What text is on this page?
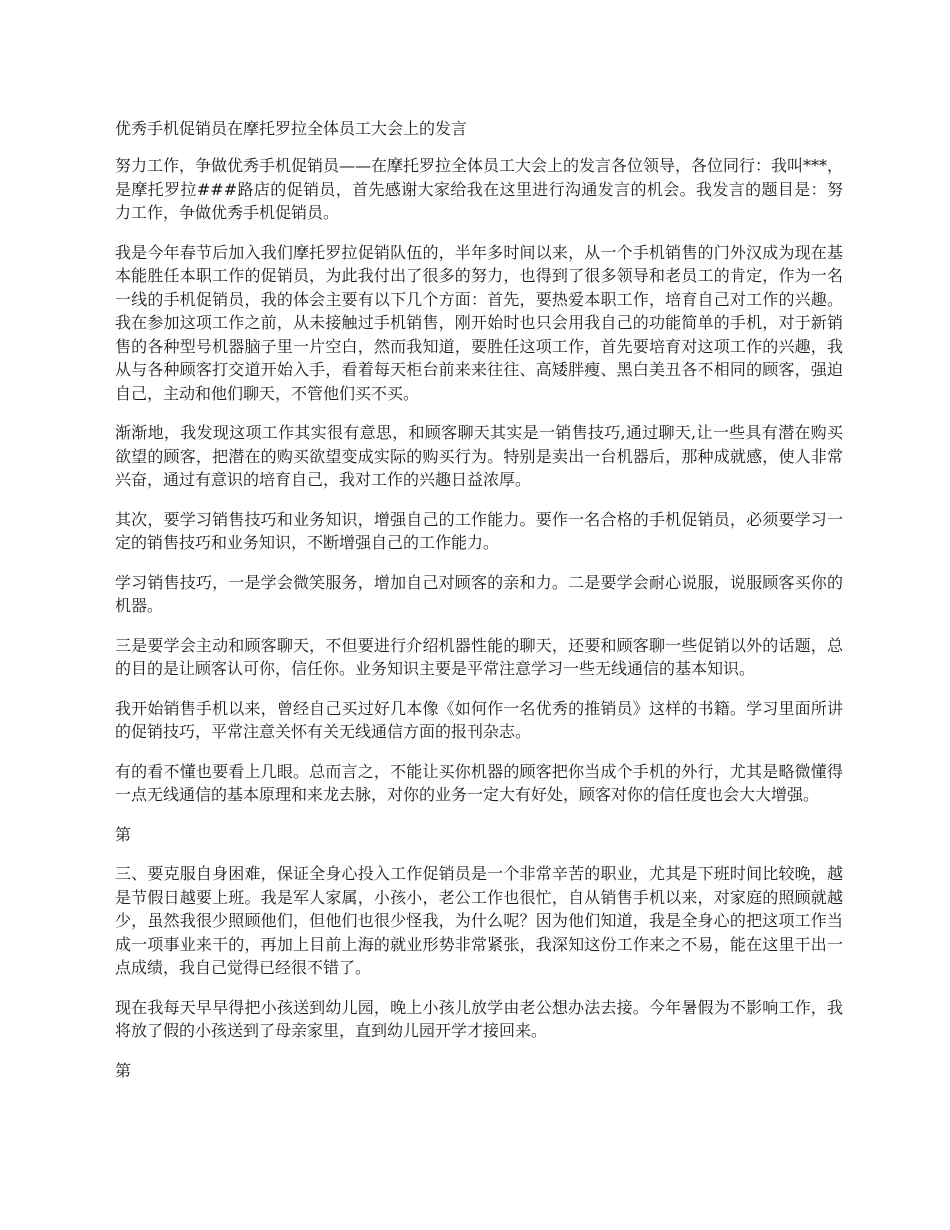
优秀手机促销员在摩托罗拉全体员工大会上的发言

努力工作，争做优秀手机促销员——在摩托罗拉全体员工大会上的发言各位领导，各位同行：我叫***，是摩托罗拉###路店的促销员，首先感谢大家给我在这里进行沟通发言的机会。我发言的题目是：努力工作，争做优秀手机促销员。

我是今年春节后加入我们摩托罗拉促销队伍的，半年多时间以来，从一个手机销售的门外汉成为现在基本能胜任本职工作的促销员，为此我付出了很多的努力，也得到了很多领导和老员工的肯定，作为一名一线的手机促销员，我的体会主要有以下几个方面：首先，要热爱本职工作，培育自己对工作的兴趣。我在参加这项工作之前，从未接触过手机销售，刚开始时也只会用我自己的功能简单的手机，对于新销售的各种型号机器脑子里一片空白，然而我知道，要胜任这项工作，首先要培育对这项工作的兴趣，我从与各种顾客打交道开始入手，看着每天柜台前来来往往、高矮胖瘦、黑白美丑各不相同的顾客，强迫自己，主动和他们聊天，不管他们买不买。

渐渐地，我发现这项工作其实很有意思，和顾客聊天其实是一销售技巧,通过聊天,让一些具有潜在购买欲望的顾客，把潜在的购买欲望变成实际的购买行为。特别是卖出一台机器后，那种成就感，使人非常兴奋，通过有意识的培育自己，我对工作的兴趣日益浓厚。

其次，要学习销售技巧和业务知识，增强自己的工作能力。要作一名合格的手机促销员，必须要学习一定的销售技巧和业务知识，不断增强自己的工作能力。

学习销售技巧，一是学会微笑服务，增加自己对顾客的亲和力。二是要学会耐心说服，说服顾客买你的机器。

三是要学会主动和顾客聊天，不但要进行介绍机器性能的聊天，还要和顾客聊一些促销以外的话题，总的目的是让顾客认可你，信任你。业务知识主要是平常注意学习一些无线通信的基本知识。

我开始销售手机以来，曾经自己买过好几本像《如何作一名优秀的推销员》这样的书籍。学习里面所讲的促销技巧，平常注意关怀有关无线通信方面的报刊杂志。

有的看不懂也要看上几眼。总而言之，不能让买你机器的顾客把你当成个手机的外行，尤其是略微懂得一点无线通信的基本原理和来龙去脉，对你的业务一定大有好处，顾客对你的信任度也会大大增强。

第

三、要克服自身困难，保证全身心投入工作促销员是一个非常辛苦的职业，尤其是下班时间比较晚，越是节假日越要上班。我是军人家属，小孩小，老公工作也很忙，自从销售手机以来，对家庭的照顾就越少，虽然我很少照顾他们，但他们也很少怪我，为什么呢？因为他们知道，我是全身心的把这项工作当成一项事业来干的，再加上目前上海的就业形势非常紧张，我深知这份工作来之不易，能在这里干出一点成绩，我自己觉得已经很不错了。

现在我每天早早得把小孩送到幼儿园，晚上小孩儿放学由老公想办法去接。今年暑假为不影响工作，我将放了假的小孩送到了母亲家里，直到幼儿园开学才接回来。

第
